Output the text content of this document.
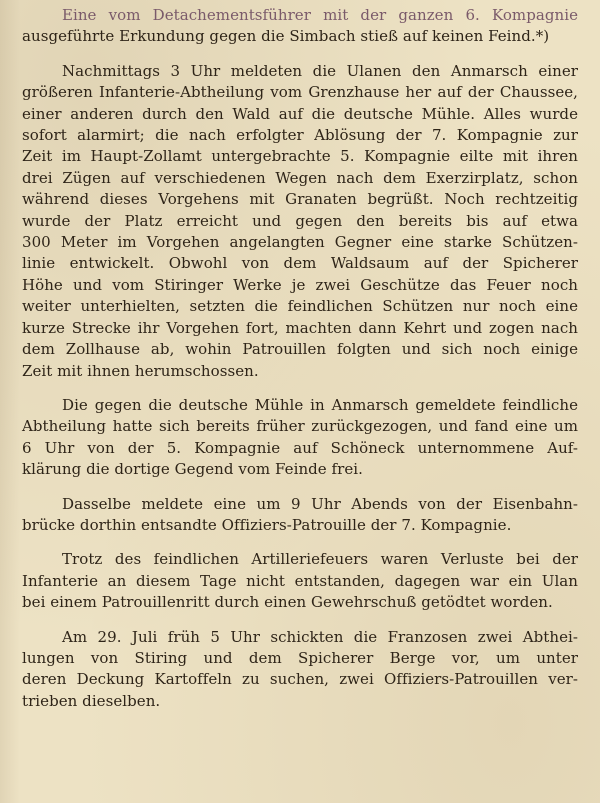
Eine vom Detachementsführer mit der ganzen 6. Kompagnie
ausgeführte Erkundung gegen die Simbach stieß auf keinen Feind.*)

Nachmittags 3 Uhr meldeten die Ulanen den Anmarsch einer
größeren Infanterie-Abtheilung vom Grenzhause her auf der Chaussee,
einer anderen durch den Wald auf die deutsche Mühle. Alles wurde
sofort alarmirt; die nach erfolgter Ablösung der 7. Kompagnie zur
Zeit im Haupt-Zollamt untergebrachte 5. Kompagnie eilte mit ihren
drei Zügen auf verschiedenen Wegen nach dem Exerzirplatz, schon
während dieses Vorgehens mit Granaten begrüßt. Noch rechtzeitig
wurde der Platz erreicht und gegen den bereits bis auf etwa
300 Meter im Vorgehen angelangten Gegner eine starke Schützen-
linie entwickelt. Obwohl von dem Waldsaum auf der Spicherer
Höhe und vom Stiringer Werke je zwei Geschütze das Feuer noch
weiter unterhielten, setzten die feindlichen Schützen nur noch eine
kurze Strecke ihr Vorgehen fort, machten dann Kehrt und zogen nach
dem Zollhause ab, wohin Patrouillen folgten und sich noch einige
Zeit mit ihnen herumschossen.

Die gegen die deutsche Mühle in Anmarsch gemeldete feindliche
Abtheilung hatte sich bereits früher zurückgezogen, und fand eine um
6 Uhr von der 5. Kompagnie auf Schöneck unternommene Auf-
klärung die dortige Gegend vom Feinde frei.

Dasselbe meldete eine um 9 Uhr Abends von der Eisenbahn-
brücke dorthin entsandte Offiziers-Patrouille der 7. Kompagnie.

Trotz des feindlichen Artilleriefeuers waren Verluste bei der
Infanterie an diesem Tage nicht entstanden, dagegen war ein Ulan
bei einem Patrouillenritt durch einen Gewehrschuß getödtet worden.

Am 29. Juli früh 5 Uhr schickten die Franzosen zwei Abthei-
lungen von Stiring und dem Spicherer Berge vor, um unter
deren Deckung Kartoffeln zu suchen, zwei Offiziers-Patrouillen ver-
trieben dieselben.
